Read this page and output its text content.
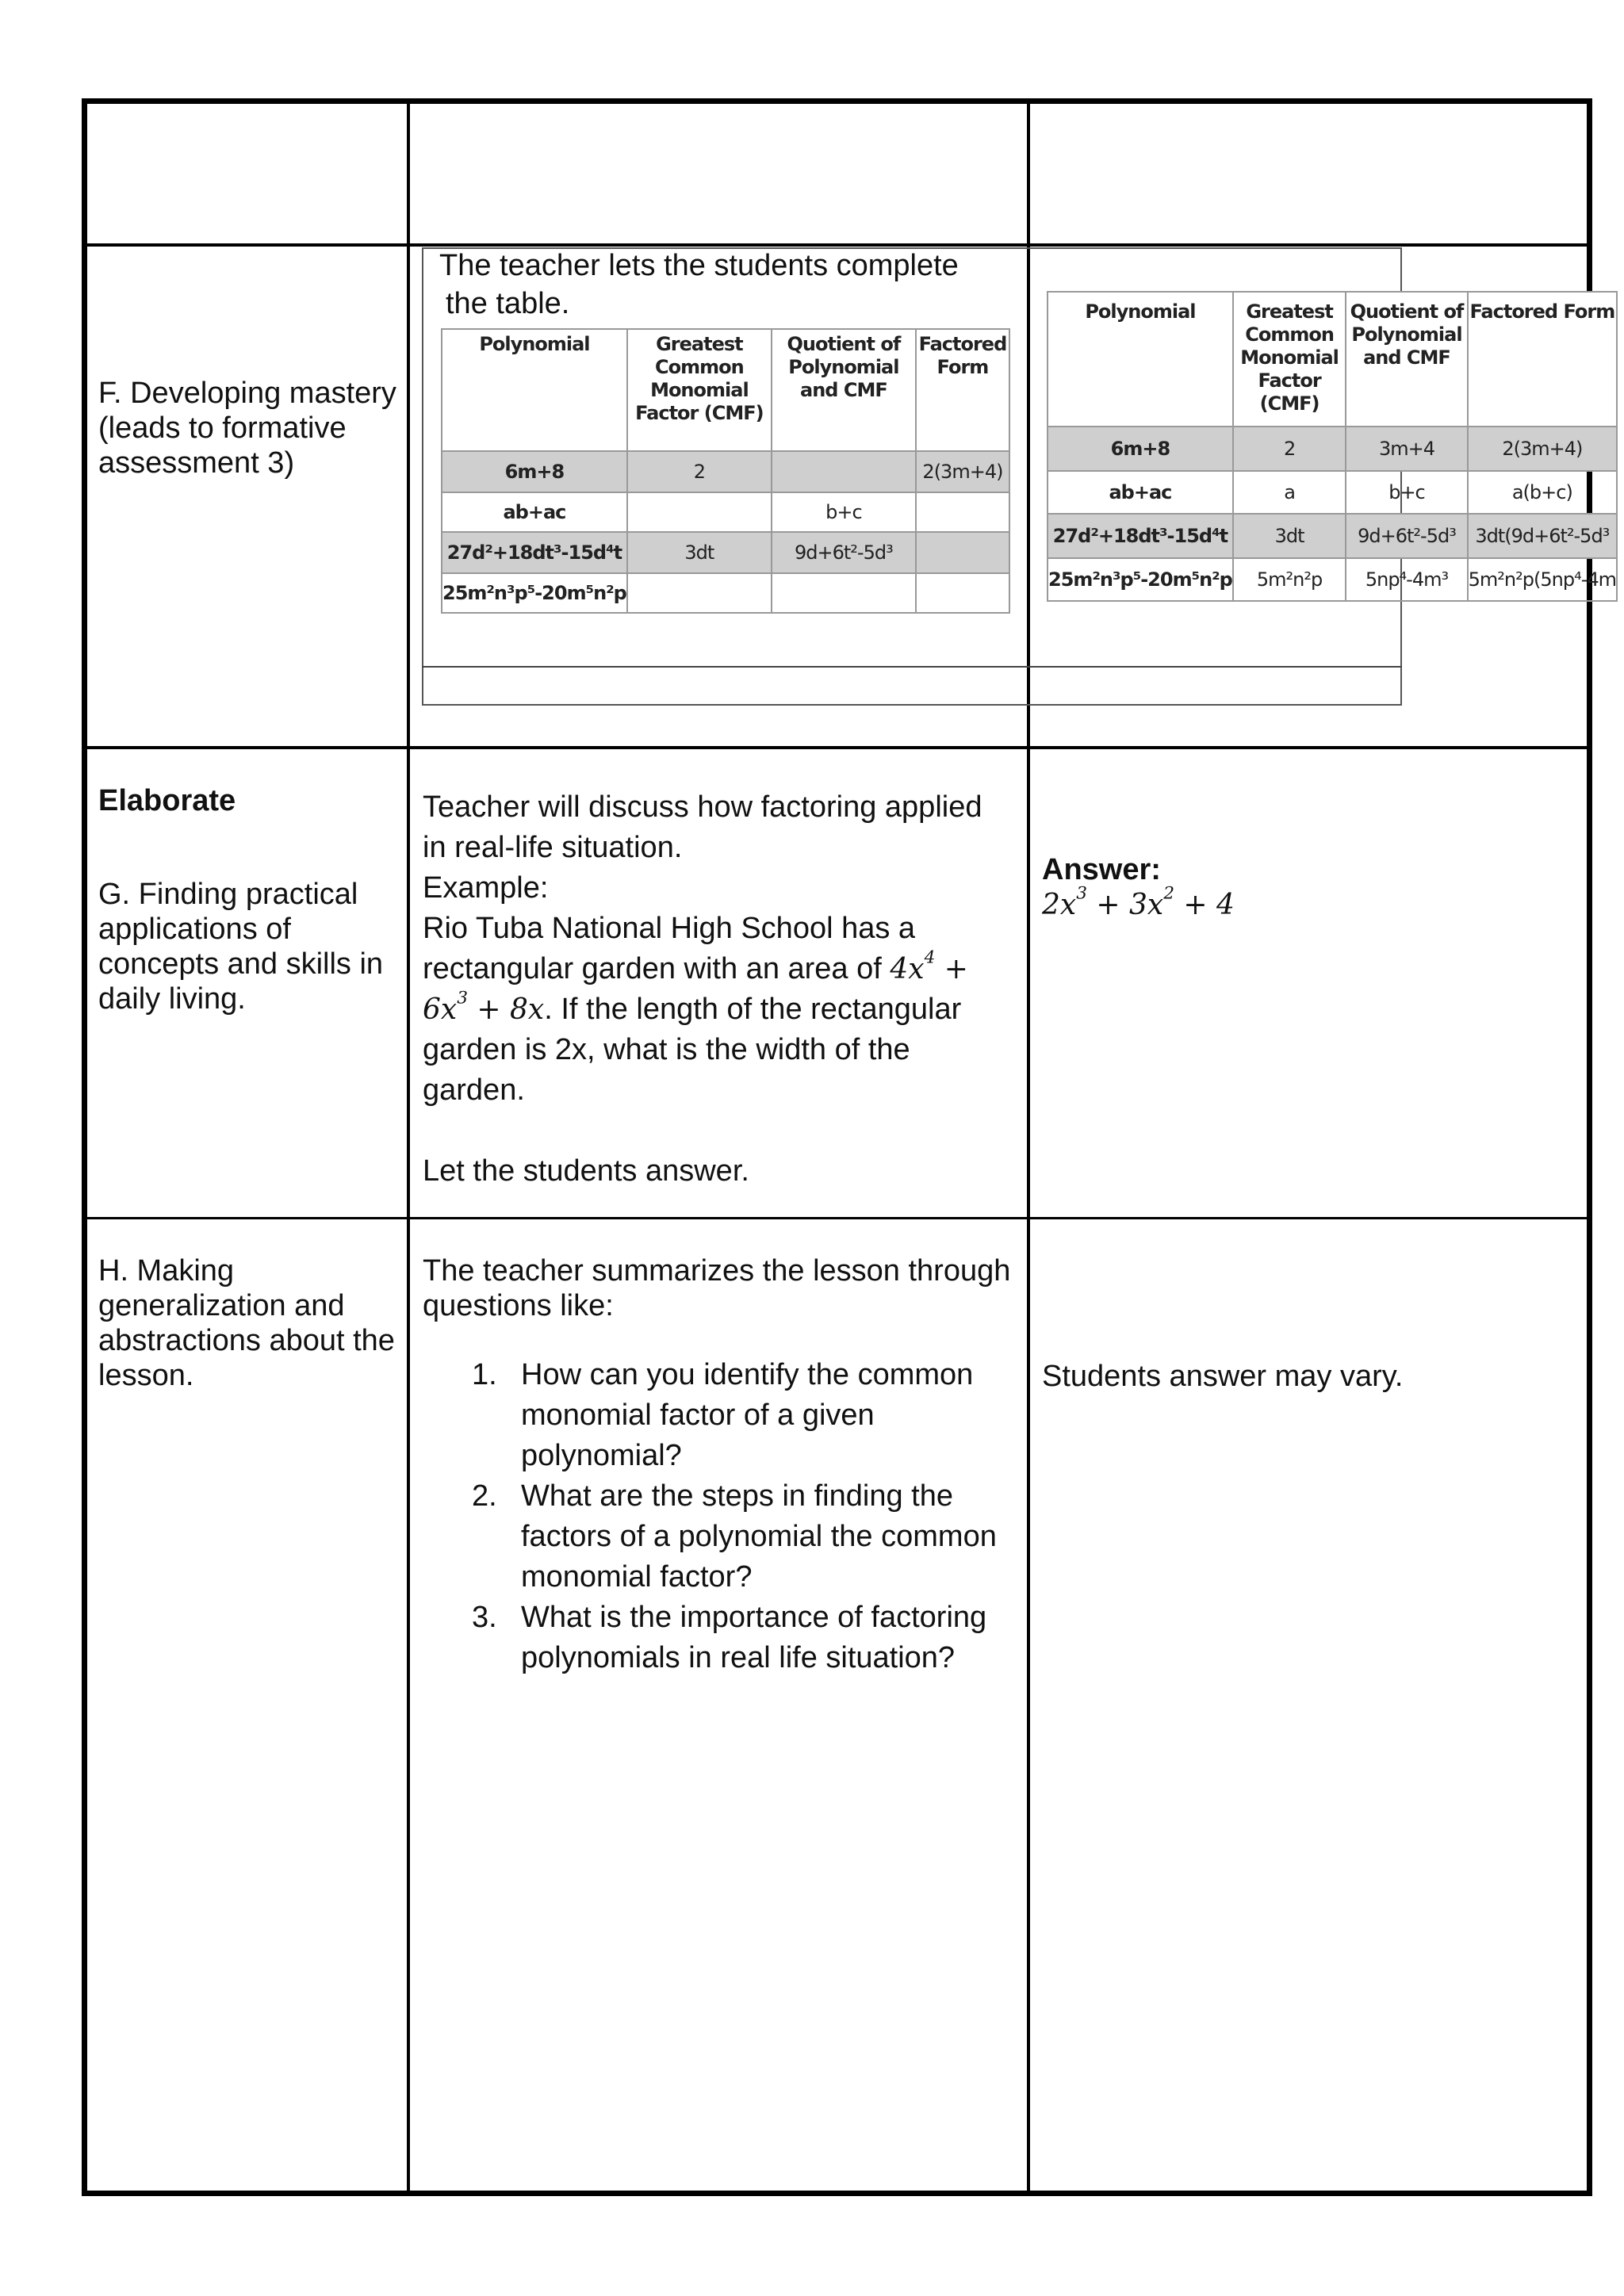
F. Developing mastery (leads to formative assessment 3)
The teacher lets the students complete
the table.
Polynomial	Greatest Common Monomial Factor (CMF)	Quotient of Polynomial and CMF	Factored Form
6m+8	2		2(3m+4)
ab+ac		b+c	
27d²+18dt³-15d⁴t	3dt	9d+6t²-5d³	
25m²n³p⁵-20m⁵n²p			
Polynomial	Greatest Common Monomial Factor (CMF)	Quotient of Polynomial and CMF	Factored Form
6m+8	2	3m+4	2(3m+4)
ab+ac	a	b+c	a(b+c)
27d²+18dt³-15d⁴t	3dt	9d+6t²-5d³	3dt(9d+6t²-5d³
25m²n³p⁵-20m⁵n²p	5m²n²p	5np⁴-4m³	5m²n²p(5np⁴-4m
Elaborate
G. Finding practical applications of concepts and skills in daily living.
Teacher will discuss how factoring applied
in real-life situation.
Example:
Rio Tuba National High School has a
rectangular garden with an area of $4x^4$ +
$6x^3 + 8x$. If the length of the rectangular
garden is 2x, what is the width of the
garden.
Let the students answer.
Answer:
$2x^3 + 3x^2 + 4$
H. Making generalization and abstractions about the lesson.
The teacher summarizes the lesson through questions like:
1. How can you identify the common monomial factor of a given polynomial?
2. What are the steps in finding the factors of a polynomial the common monomial factor?
3. What is the importance of factoring polynomials in real life situation?
Students answer may vary.
